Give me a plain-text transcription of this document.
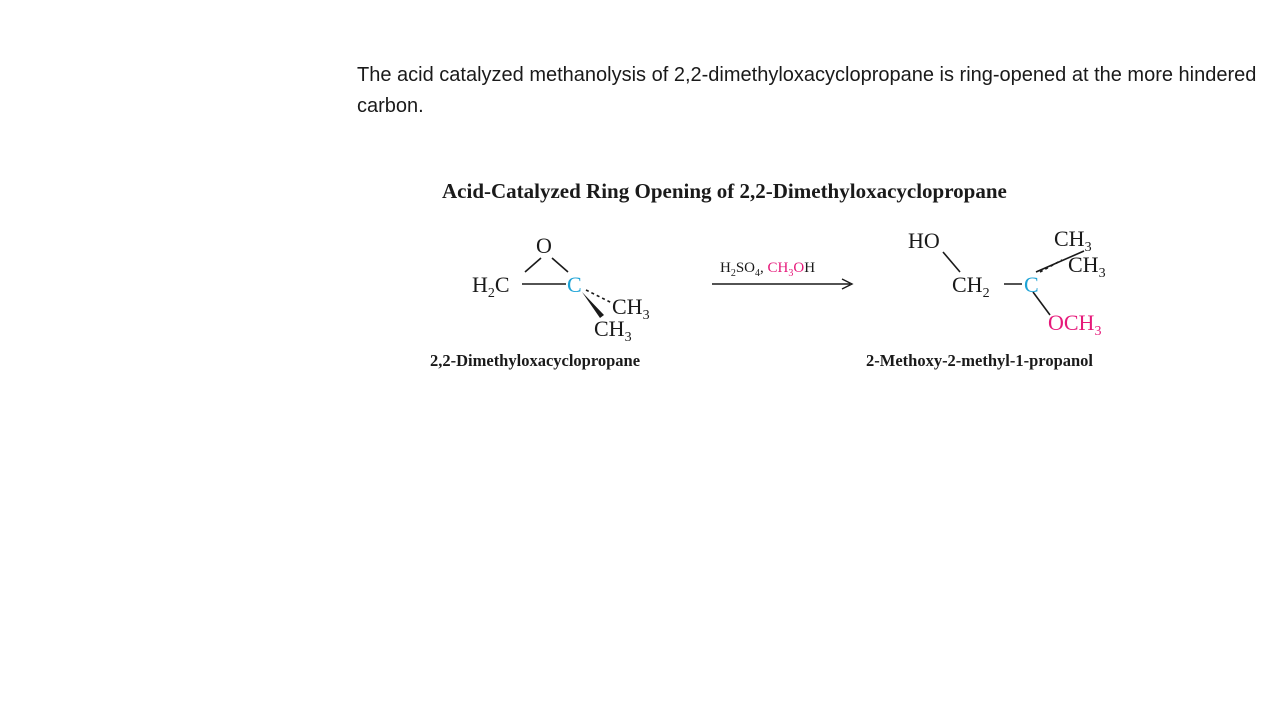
The acid catalyzed methanolysis of 2,2-dimethyloxacyclopropane is ring-opened at the more hindered carbon.

Acid-Catalyzed Ring Opening of 2,2-Dimethyloxacyclopropane
O
$H_2C$	C
$CH_3$
$CH_3$
2,2-Dimethyloxacyclopropane
$H_2SO_4$, $CH_3OH$
HO
$CH_2$ C
$CH_3$
$CH_3$
$OCH_3$
2-Methoxy-2-methyl-1-propanol
